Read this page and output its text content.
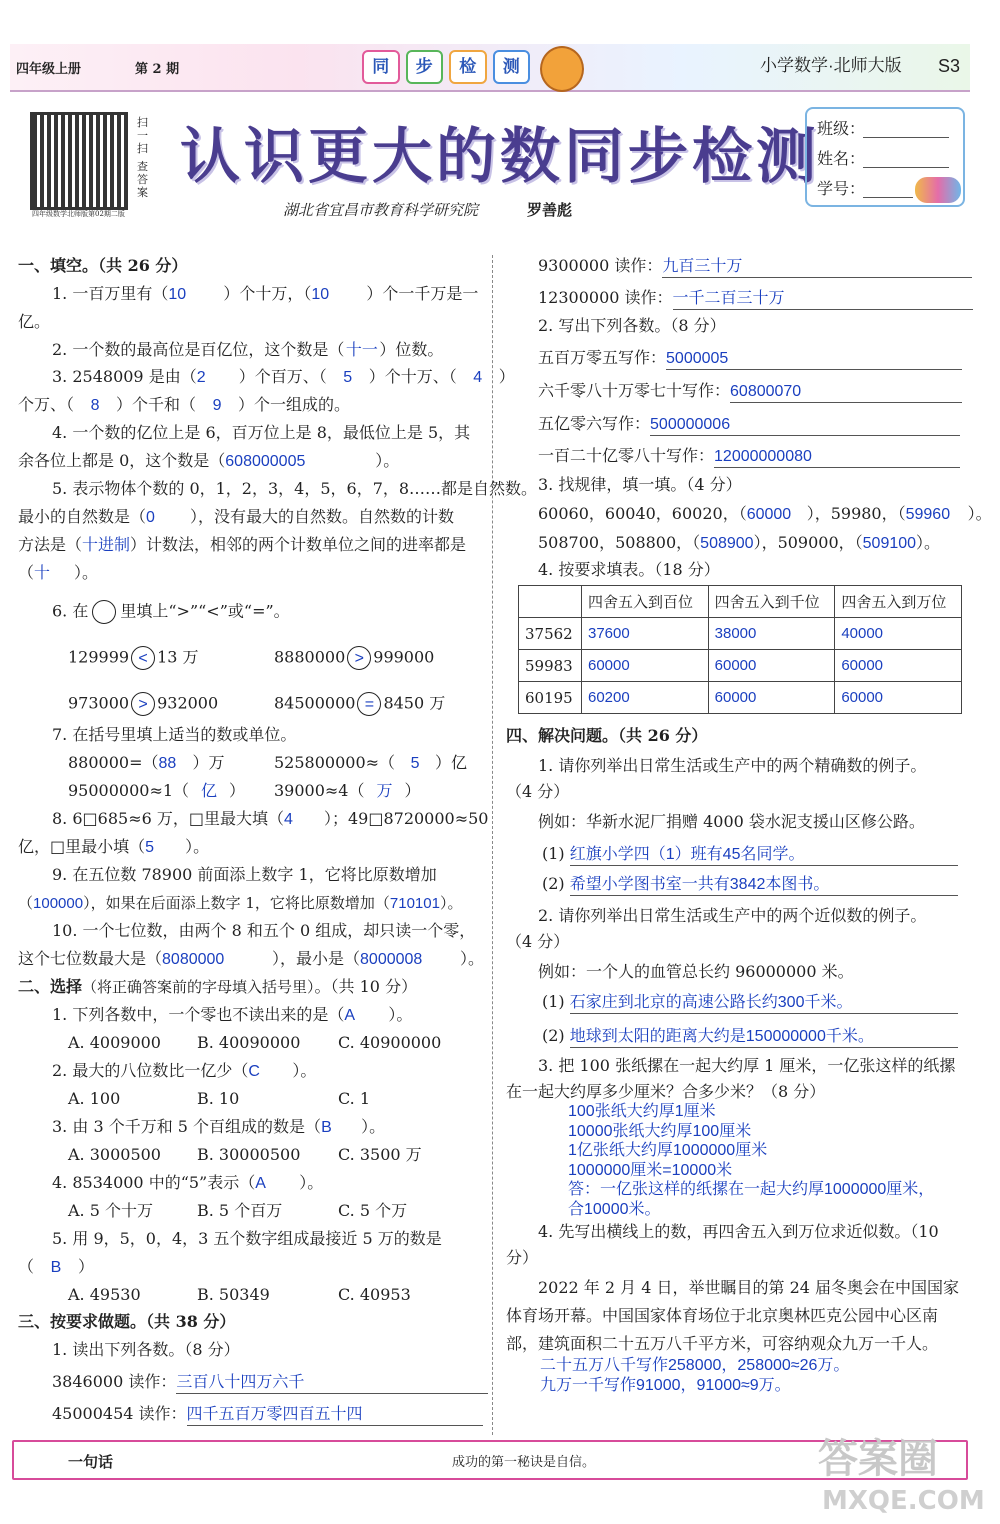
四年级上册	第 2 期	同	步	检	测	小学数学·北师大版 S3
扫一扫
查答案
四年级数学北师版第02期二版
认识更大的数同步检测
湖北省宜昌市教育科学研究院	罗善彪
班级：
姓名：
学号：
一、填空。（共 26 分）
1. 一百万里有（10 ）个十万，（10 ）个一千万是一
亿。
2. 一个数的最高位是百亿位，这个数是（十一）位数。
3. 2548009 是由（2 ）个百万、（ 5 ）个十万、（ 4 ）
个万、（ 8 ）个千和（ 9 ）个一组成的。
4. 一个数的亿位上是 6，百万位上是 8，最低位上是 5，其
余各位上都是 0，这个数是（608000005	）。
5. 表示物体个数的 0，1，2，3，4，5，6，7，8……都是自然数。
最小的自然数是（0 ），没有最大的自然数。自然数的计数
方法是（十进制）计数法，相邻的两个计数单位之间的进率都是
（十 ）。
6. 在 里填上“>”“<”或“=”。
129999 < 13 万	8880000 > 999000
973000 > 932000	84500000 = 8450 万
7. 在括号里填上适当的数或单位。
880000=（88 ）万	525800000≈（ 5 ）亿
95000000≈1（ 亿 ） 39000≈4（ 万 ）
8. 6□685≈6 万，□里最大填（4 ）；49□8720000≈50
亿，□里最小填（5 ）。
9. 在五位数 78900 前面添上数字 1，它将比原数增加
（100000），如果在后面添上数字 1，它将比原数增加（710101）。
10. 一个七位数，由两个 8 和五个 0 组成，却只读一个零，
这个七位数最大是（8080000	），最小是（8000008 ）。
二、选择（将正确答案前的字母填入括号里）。（共 10 分）
1. 下列各数中，一个零也不读出来的是（A ）。
A. 4009000 B. 40090000 C. 40900000
2. 最大的八位数比一亿少（C ）。
A. 100	B. 10	C. 1
3. 由 3 个千万和 5 个百组成的数是（B ）。
A. 3000500 B. 30000500 C. 3500 万
4. 8534000 中的“5”表示（A ）。
A. 5 个十万	B. 5 个百万	C. 5 个万
5. 用 9，5，0，4，3 五个数字组成最接近 5 万的数是
（ B ）
A. 49530	B. 50349	C. 40953
三、按要求做题。（共 38 分）
1. 读出下列各数。（8 分）
3846000 读作：三百八十四万六千
45000454 读作：四千五百万零四百五十四
9300000 读作：九百三十万
12300000 读作：一千二百三十万
2. 写出下列各数。（8 分）
五百万零五写作：5000005
六千零八十万零七十写作：60800070
五亿零六写作：500000006
一百二十亿零八十写作：12000000080
3. 找规律，填一填。（4 分）
60060，60040，60020，（60000 ），59980，（59960 ）。
508700，508800，（508900），509000，（509100）。
4. 按要求填表。（18 分）
	四舍五入到百位	四舍五入到千位	四舍五入到万位
37562	37600	38000	40000
59983	60000	60000	60000
60195	60200	60000	60000
四、解决问题。（共 26 分）
1. 请你列举出日常生活或生产中的两个精确数的例子。
（4 分）
例如：华新水泥厂捐赠 4000 袋水泥支援山区修公路。
(1) 红旗小学四（1）班有45名同学。
(2) 希望小学图书室一共有3842本图书。
2. 请你列举出日常生活或生产中的两个近似数的例子。
（4 分）
例如：一个人的血管总长约 96000000 米。
(1) 石家庄到北京的高速公路长约300千米。
(2) 地球到太阳的距离大约是150000000千米。
3. 把 100 张纸摞在一起大约厚 1 厘米，一亿张这样的纸摞
在一起大约厚多少厘米？合多少米？（8 分）
100张纸大约厚1厘米
10000张纸大约厚100厘米
1亿张纸大约厚1000000厘米
1000000厘米=10000米
答：一亿张这样的纸摞在一起大约厚1000000厘米，
合10000米。
4. 先写出横线上的数，再四舍五入到万位求近似数。（10
分）
2022 年 2 月 4 日，举世瞩目的第 24 届冬奥会在中国国家
体育场开幕。中国国家体育场位于北京奥林匹克公园中心区南
部，建筑面积二十五万八千平方米，可容纳观众九万一千人。
二十五万八千写作258000，258000≈26万。
九万一千写作91000，91000≈9万。
一句话	成功的第一秘诀是自信。	答案圈
MXQE.COM
